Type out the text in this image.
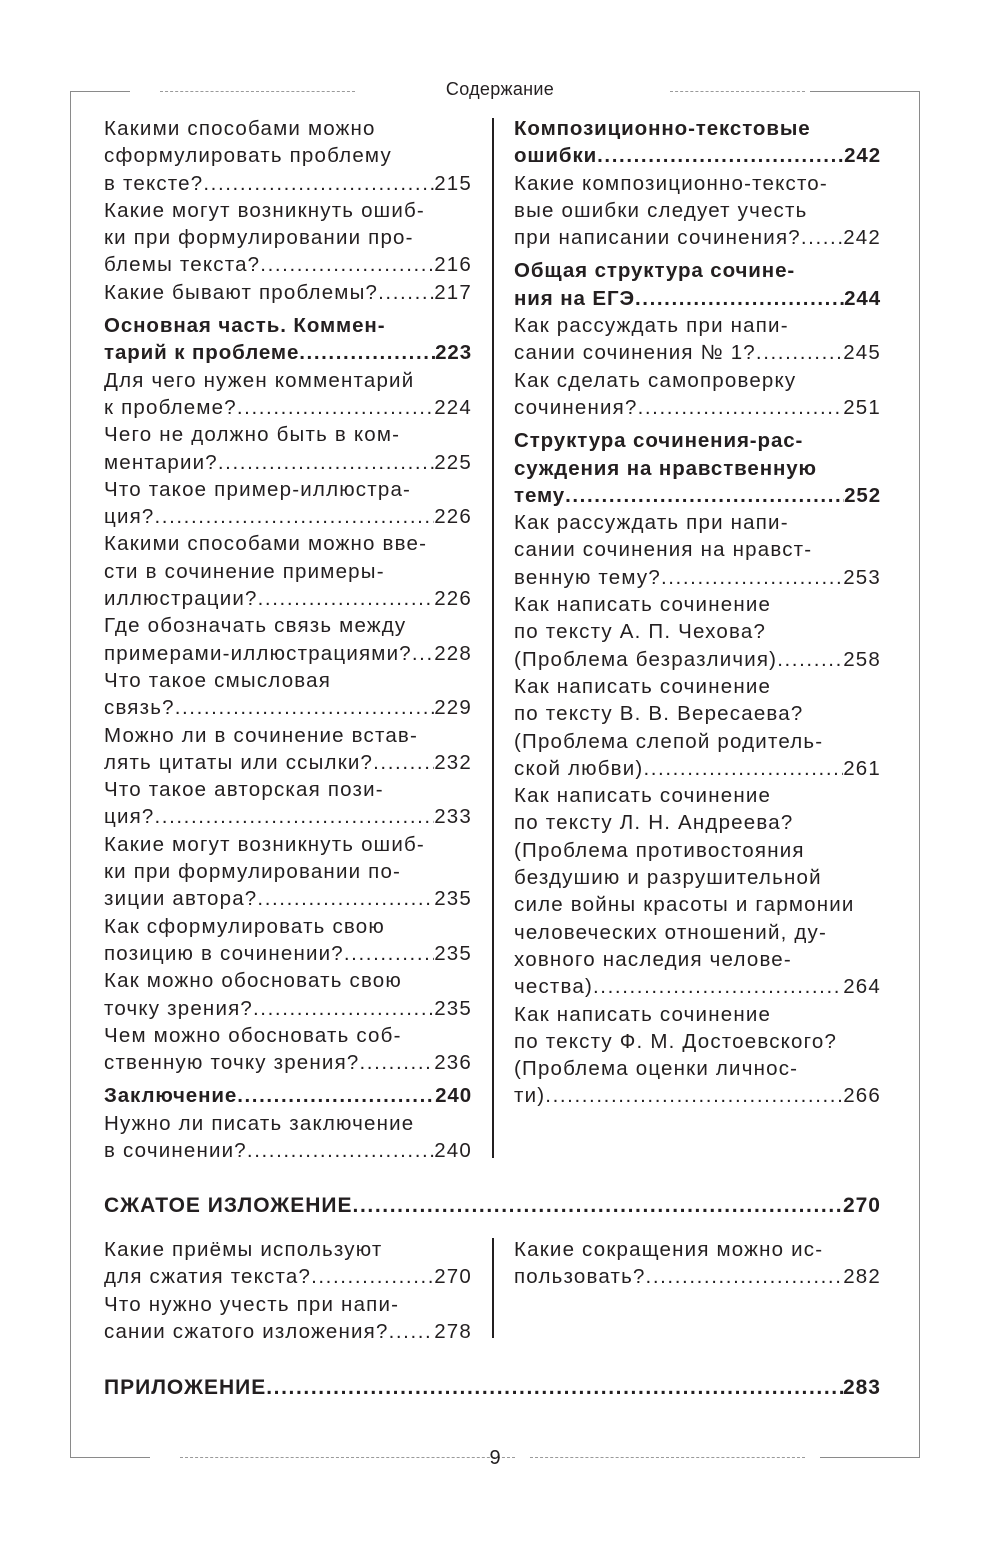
Содержание
Какими способами можно
сформулировать проблему
в тексте? .....	215
Какие могут возникнуть ошиб-
ки при формулировании про-
блемы текста? .....	216
Какие бывают проблемы? .....	217
Основная часть. Коммен-
тарий к проблеме .....	223
Для чего нужен комментарий
к проблеме? .....	224
Чего не должно быть в ком-
ментарии? .....	225
Что такое пример-иллюстра-
ция? .....	226
Какими способами можно вве-
сти в сочинение примеры-
иллюстрации? .....	226
Где обозначать связь между
примерами-иллюстрациями? ..... 228
Что такое смысловая
связь? .....	229
Можно ли в сочинение встав-
лять цитаты или ссылки? .....	232
Что такое авторская пози-
ция? .....	233
Какие могут возникнуть ошиб-
ки при формулировании по-
зиции автора? .....	235
Как сформулировать свою
позицию в сочинении? .....	235
Как можно обосновать свою
точку зрения? .....	235
Чем можно обосновать соб-
ственную точку зрения? .....	236
Заключение .....	240
Нужно ли писать заключение
в сочинении? .....	240
Композиционно-текстовые
ошибки .....	242
Какие композиционно-тексто-
вые ошибки следует учесть
при написании сочинения? ..... 242
Общая структура сочине-
ния на ЕГЭ .....	244
Как рассуждать при напи-
сании сочинения № 1? .....	245
Как сделать самопроверку
сочинения? .....	251
Структура сочинения-рас-
суждения на нравственную
тему .....	252
Как рассуждать при напи-
сании сочинения на нравст-
венную тему? .....	253
Как написать сочинение
по тексту А. П. Чехова?
(Проблема безразличия) .....	258
Как написать сочинение
по тексту В. В. Вересаева?
(Проблема слепой родитель-
ской любви) .....	261
Как написать сочинение
по тексту Л. Н. Андреева?
(Проблема противостояния
бездушию и разрушительной
силе войны красоты и гармонии
человеческих отношений, ду-
ховного наследия челове-
чества) .....	264
Как написать сочинение
по тексту Ф. М. Достоевского?
(Проблема оценки личнос-
ти) .....	266
СЖАТОЕ ИЗЛОЖЕНИЕ .....	270
Какие приёмы используют
для сжатия текста? .....	270
Что нужно учесть при напи-
сании сжатого изложения? ..... 278
Какие сокращения можно ис-
пользовать? .....	282
ПРИЛОЖЕНИЕ .....	283
9
